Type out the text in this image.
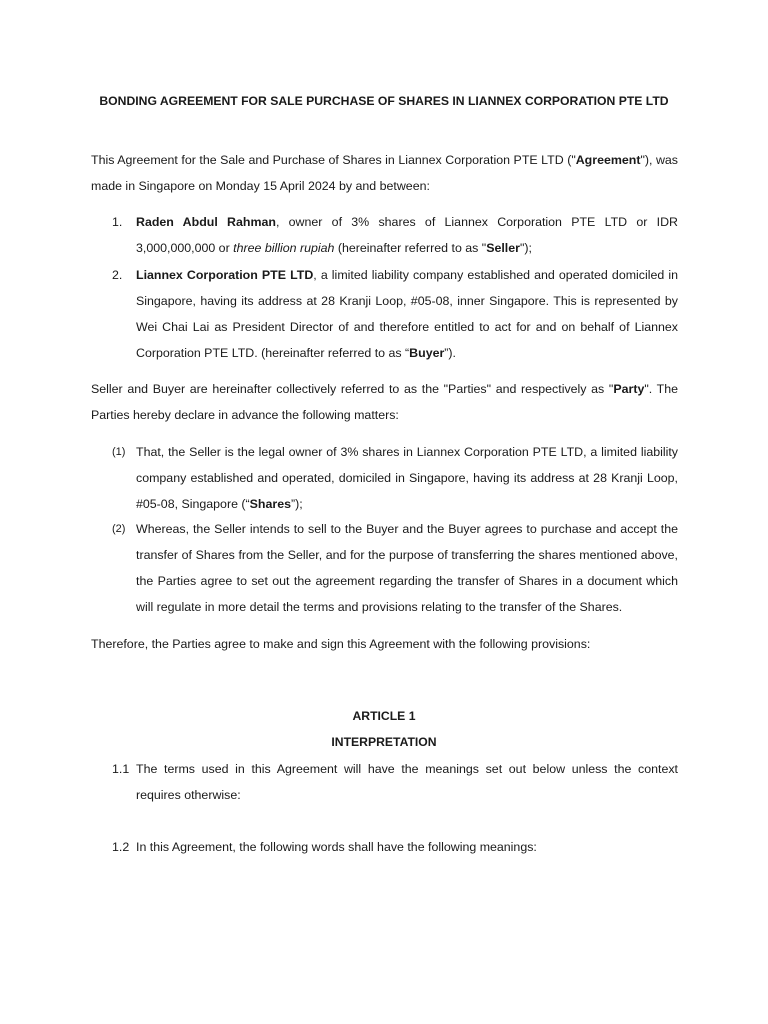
BONDING AGREEMENT FOR SALE PURCHASE OF SHARES IN LIANNEX CORPORATION PTE LTD
This Agreement for the Sale and Purchase of Shares in Liannex Corporation PTE LTD ("Agreement"), was made in Singapore on Monday 15 April 2024 by and between:
1. Raden Abdul Rahman, owner of 3% shares of Liannex Corporation PTE LTD or IDR 3,000,000,000 or three billion rupiah (hereinafter referred to as "Seller");
2. Liannex Corporation PTE LTD, a limited liability company established and operated domiciled in Singapore, having its address at 28 Kranji Loop, #05-08, inner Singapore. This is represented by Wei Chai Lai as President Director of and therefore entitled to act for and on behalf of Liannex Corporation PTE LTD. (hereinafter referred to as “Buyer”).
Seller and Buyer are hereinafter collectively referred to as the "Parties" and respectively as "Party". The Parties hereby declare in advance the following matters:
(1) That, the Seller is the legal owner of 3% shares in Liannex Corporation PTE LTD, a limited liability company established and operated, domiciled in Singapore, having its address at 28 Kranji Loop, #05-08, Singapore (“Shares”);
(2) Whereas, the Seller intends to sell to the Buyer and the Buyer agrees to purchase and accept the transfer of Shares from the Seller, and for the purpose of transferring the shares mentioned above, the Parties agree to set out the agreement regarding the transfer of Shares in a document which will regulate in more detail the terms and provisions relating to the transfer of the Shares.
Therefore, the Parties agree to make and sign this Agreement with the following provisions:
ARTICLE 1
INTERPRETATION
1.1 The terms used in this Agreement will have the meanings set out below unless the context requires otherwise:
1.2 In this Agreement, the following words shall have the following meanings:
